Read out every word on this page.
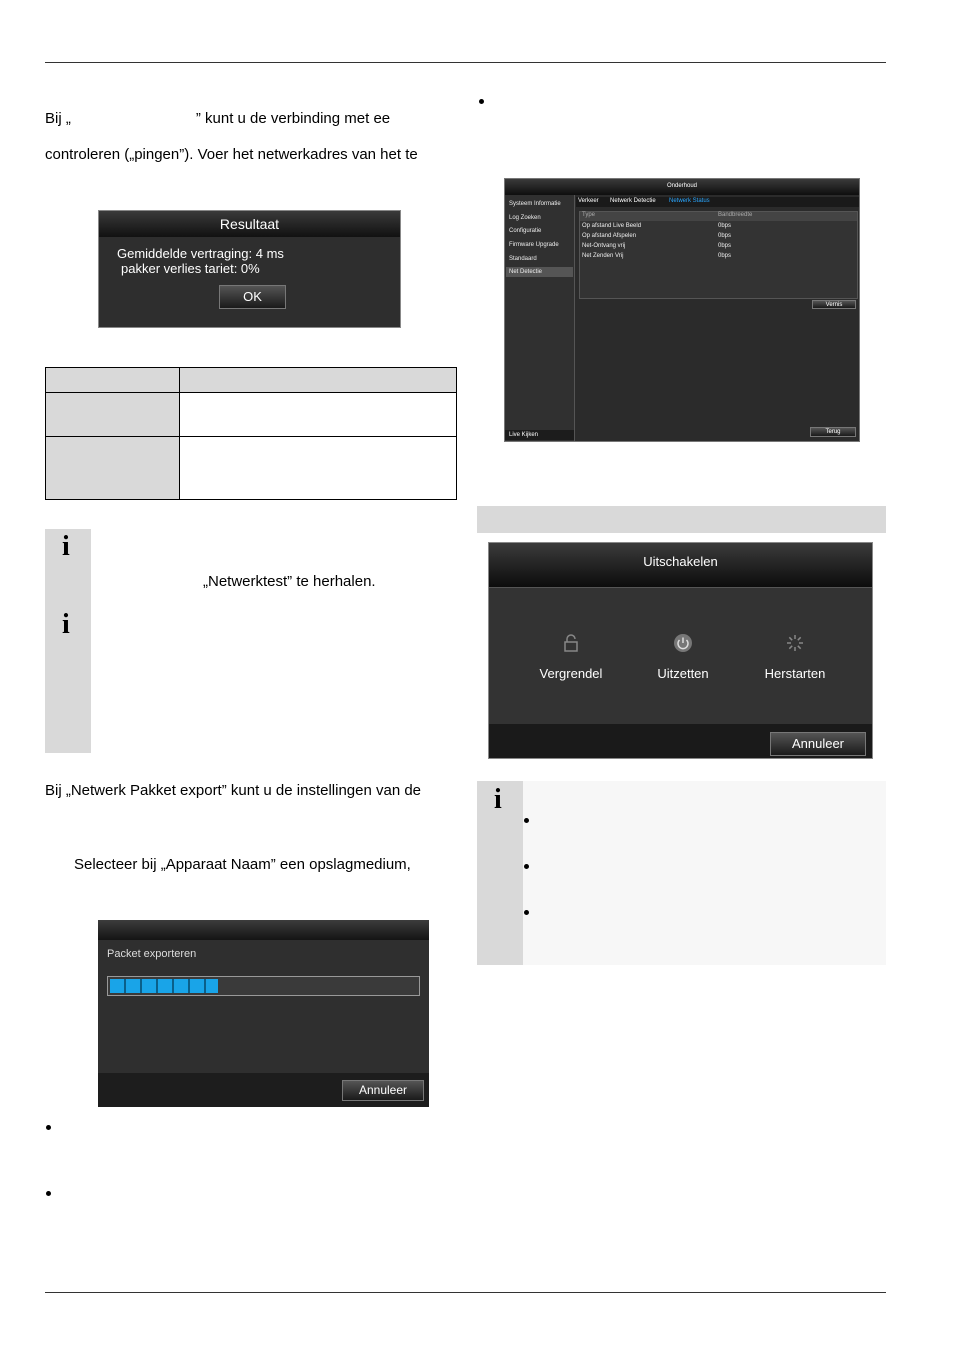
Bij „                              ” kunt u de verbinding met ee
controleren („pingen”). Voer het netwerkadres van het te
Resultaat
Gemiddelde vertraging: 4 ms
pakker verlies tariet: 0%
OK

i
i
„Netwerktest” te herhalen.
Bij „Netwerk Pakket export” kunt u de instellingen van de
Selecteer bij „Apparaat Naam” een opslagmedium,
Packet exporteren
Annuleer
Onderhoud
Systeem Informatie
Log Zoeken
Configuratie
Firmware Upgrade
Standaard
Net Detectie
Live Kijken
Verkeer Netwerk Detectie Netwerk Status
Type	Bandbreedte
Op afstand Live Beeld	0bps
Op afstand Afspelen	0bps
Net-Ontvang vrij	0bps
Net Zenden Vrij	0bps
Vernis
Terug
Uitschakelen
Vergrendel	Uitzetten	Herstarten
Annuleer
i
